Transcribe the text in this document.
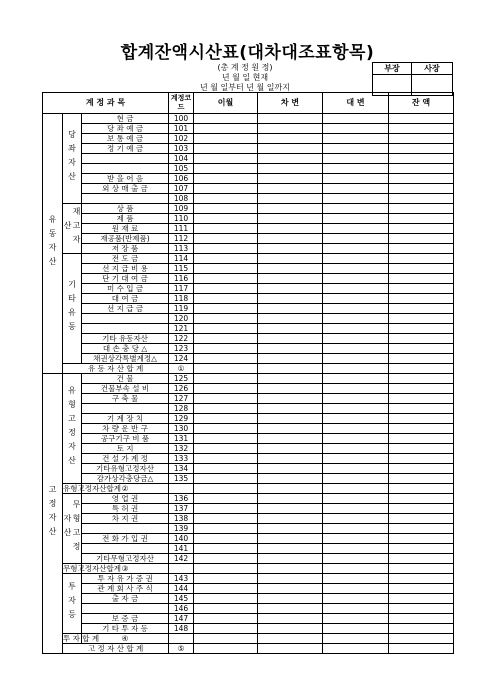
합계잔액시산표(대차대조표항목)
(총 계 정 원 정)
년 월 일 현재
년 월 일부터 년 월 일까지
부장	사장

계 정 과 목			계정코드	이월	차 변	대 변	잔 액
유동자산	당좌자산	현 금	100				
		당 좌 예 금	101				
		보 통 예 금	102				
		정 기 예 금	103				
			104				
			105				
		받 을 어 음	106				
		외 상 매 출 금	107				
			108				
	재고자산	상 품	109				
		제 품	110				
		원 재 료	111				
		재공품(반제품)	112				
		저 장 품	113				
	기타유동	전 도 금	114				
		선 지 급 비 용	115				
		단 기 대 여 금	116				
		미 수 입 금	117				
		대 여 금	118				
		선 지 급 금	119				
			120				
			121				
		기타 유동자산	122				
		대 손 충 당 △	123				
		채권상각특별계정△	124				
	유 동 자 산 합 계		①				
고정자산	유형고정자산	건 물	125				
		건물부속 설 비	126				
		구 축 물	127				
			128				
		기 계 장 치	129				
		차 량 운 반 구	130				
		공구기구 비 품	131				
		토 지	132				
		건 설 가 계 정	133				
		기타유형고정자산	134				
		감가상각충당금△	135				
	유형고정자산합계	②					
	무형고정자산	영 업 권	136				
		특 허 권	137				
		차 지 권	138				
			139				
		전 화 가 입 권	140				
			141				
		기타무형고정자산	142				
	무형고정자산합계	③					
	투자등	투 자 유 가 증 권	143				
		관 계 회 사 주 식	144				
		출 자 금	145				
			146				
		보 증 금	147				
		기 타 투 자 등	148				
	투 자 합 계	④					
	고 정 자 산 합 계		⑤				
